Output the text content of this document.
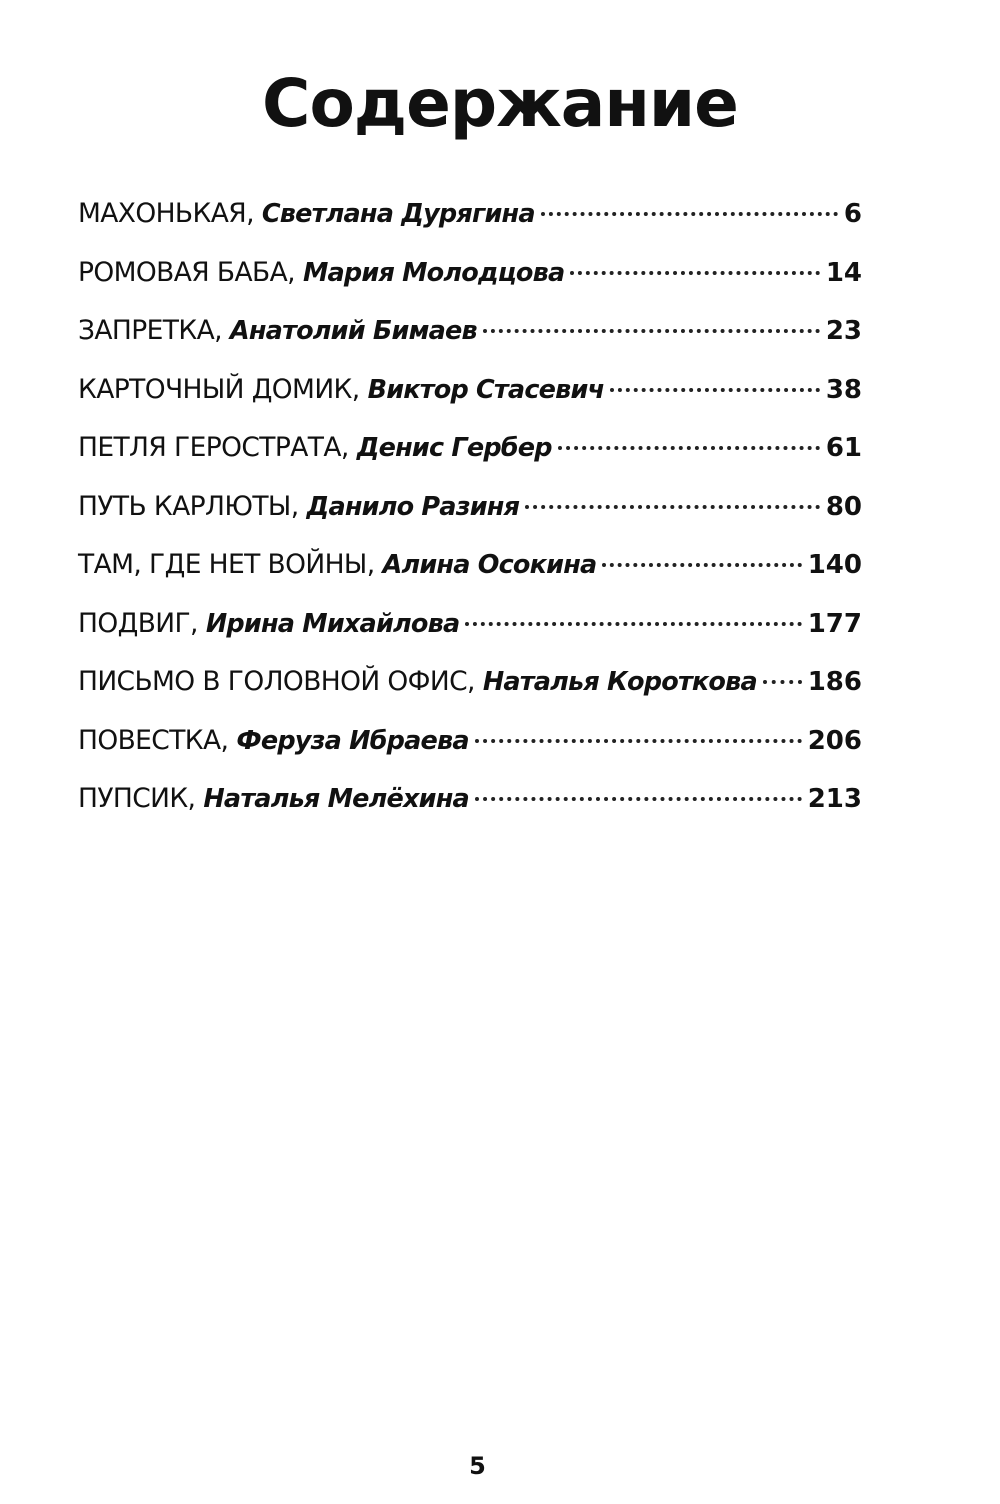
Содержание
МАХОНЬКАЯ, Светлана Дурягина	6
РОМОВАЯ БАБА, Мария Молодцова	14
ЗАПРЕТКА, Анатолий Бимаев	23
КАРТОЧНЫЙ ДОМИК, Виктор Стасевич	38
ПЕТЛЯ ГЕРОСТРАТА, Денис Гербер	61
ПУТЬ КАРЛЮТЫ, Данило Разиня	80
ТАМ, ГДЕ НЕТ ВОЙНЫ, Алина Осокина	140
ПОДВИГ, Ирина Михайлова	177
ПИСЬМО В ГОЛОВНОЙ ОФИС, Наталья Короткова 186
ПОВЕСТКА, Феруза Ибраева	206
ПУПСИК, Наталья Мелёхина	213
5
